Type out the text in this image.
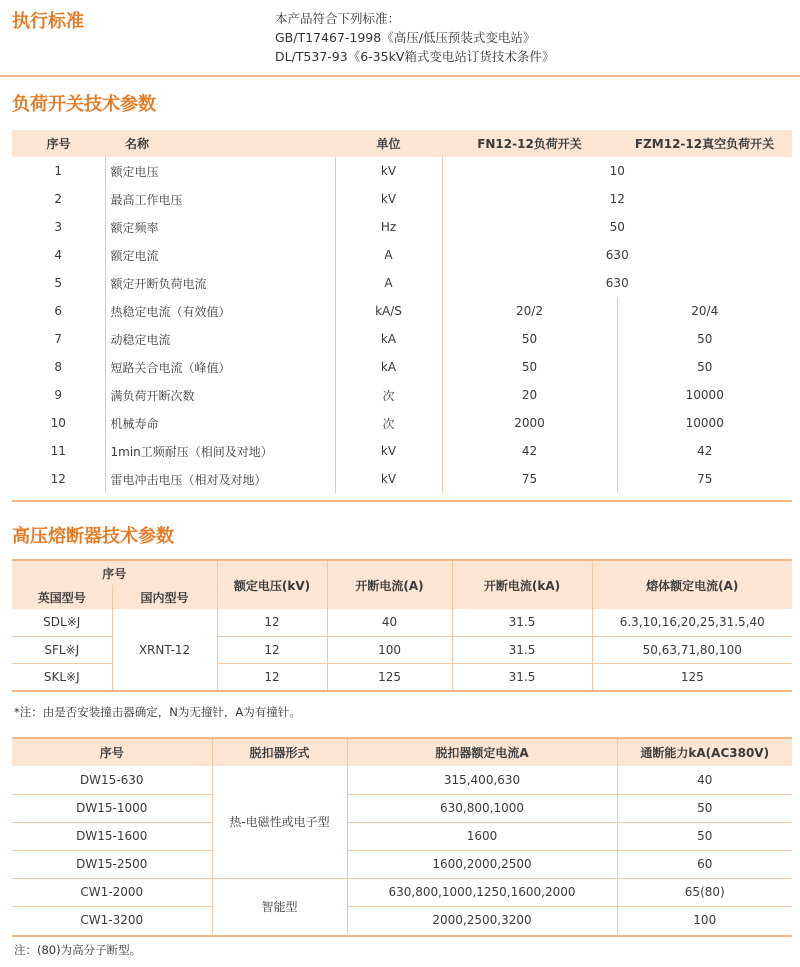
执行标准	本产品符合下列标准：
GB/T17467-1998《高压/低压预装式变电站》
DL/T537-93《6-35kV箱式变电站订货技术条件》
负荷开关技术参数
序号	名称	单位	FN12-12负荷开关	FZM12-12真空负荷开关
1	额定电压	kV	10	
2	最高工作电压	kV	12	
3	额定频率	Hz	50	
4	额定电流	A	630	
5	额定开断负荷电流	A	630	
6	热稳定电流（有效值）	kA/S	20/2	20/4
7	动稳定电流	kA	50	50
8	短路关合电流（峰值）	kA	50	50
9	满负荷开断次数	次	20	10000
10	机械寿命	次	2000	10000
11	1min工频耐压（相间及对地）	kV	42	42
12	雷电冲击电压（相对及对地）	kV	75	75
高压熔断器技术参数
序号		额定电压(kV)	开断电流(A)	开断电流(kA)	熔体额定电流(A)
英国型号	国内型号				
SDL※J	XRNT-12	12	40	31.5	6.3,10,16,20,25,31.5,40
SFL※J		12	100	31.5	50,63,71,80,100
SKL※J		12	125	31.5	125
*注：由是否安装撞击器确定，N为无撞针，A为有撞针。
序号	脱扣器形式	脱扣器额定电流A	通断能力kA(AC380V)
DW15-630	热-电磁性或电子型	315,400,630	40
DW15-1000		630,800,1000	50
DW15-1600		1600	50
DW15-2500		1600,2000,2500	60
CW1-2000	智能型	630,800,1000,1250,1600,2000	65(80)
CW1-3200		2000,2500,3200	100
注：(80)为高分子断型。
